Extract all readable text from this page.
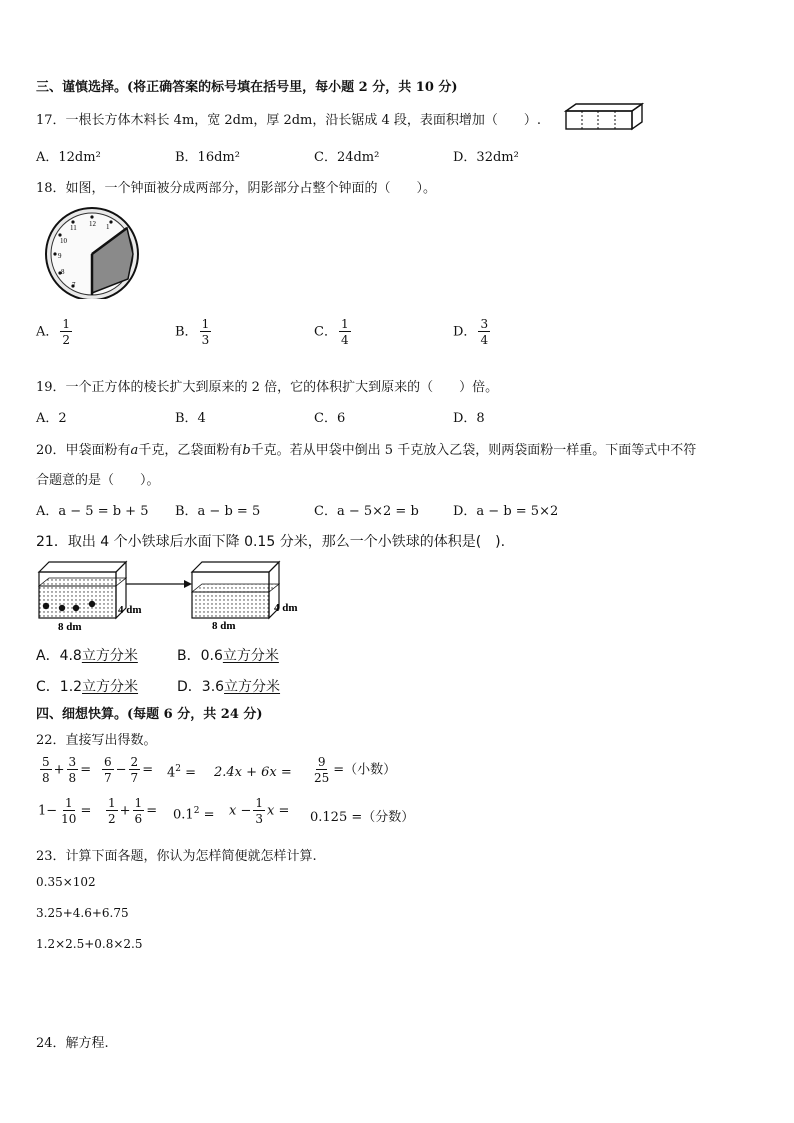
三、谨慎选择。(将正确答案的标号填在括号里，每小题 2 分，共 10 分)
17．一根长方体木料长 4m，宽 2dm，厚 2dm，沿长锯成 4 段，表面积增加（　　）.
A．12dm²	B．16dm²	C．24dm²	D．32dm²
18．如图，一个钟面被分成两部分，阴影部分占整个钟面的（　　）。
12
11
10
9
8
7
1
A． $\frac{1}{2}$	B． $\frac{1}{3}$	C． $\frac{1}{4}$	D． $\frac{3}{4}$
19．一个正方体的棱长扩大到原来的 2 倍，它的体积扩大到原来的（　　）倍。
A．2	B．4	C．6	D．8
20．甲袋面粉有a千克，乙袋面粉有b千克。若从甲袋中倒出 5 千克放入乙袋，则两袋面粉一样重。下面等式中不符
合题意的是（　　）。
A．a − 5 = b + 5 B．a − b = 5	C．a − 5×2 = b	D．a − b = 5×2
21．取出 4 个小铁球后水面下降 0.15 分米，那么一个小铁球的体积是(　).
4 dm
8 dm
4 dm
8 dm
A．4.8立方分米	B．0.6立方分米
C．1.2立方分米	D．3.6立方分米
四、细想快算。(每题 6 分，共 24 分)
22．直接写出得数。
$\frac{5}{8} + \frac{3}{8} = \frac{6}{7} - \frac{2}{7} = 4^2 = 2.4x + 6x = \frac{9}{25}$ =（小数）
$1- \frac{1}{10} = \frac{1}{2} + \frac{1}{6} = 0.1^2 = x - \frac{1}{3}$ x = 0.125 =（分数）
23．计算下面各题，你认为怎样简便就怎样计算.
0.35×102
3.25+4.6+6.75
1.2×2.5+0.8×2.5
24．解方程.
